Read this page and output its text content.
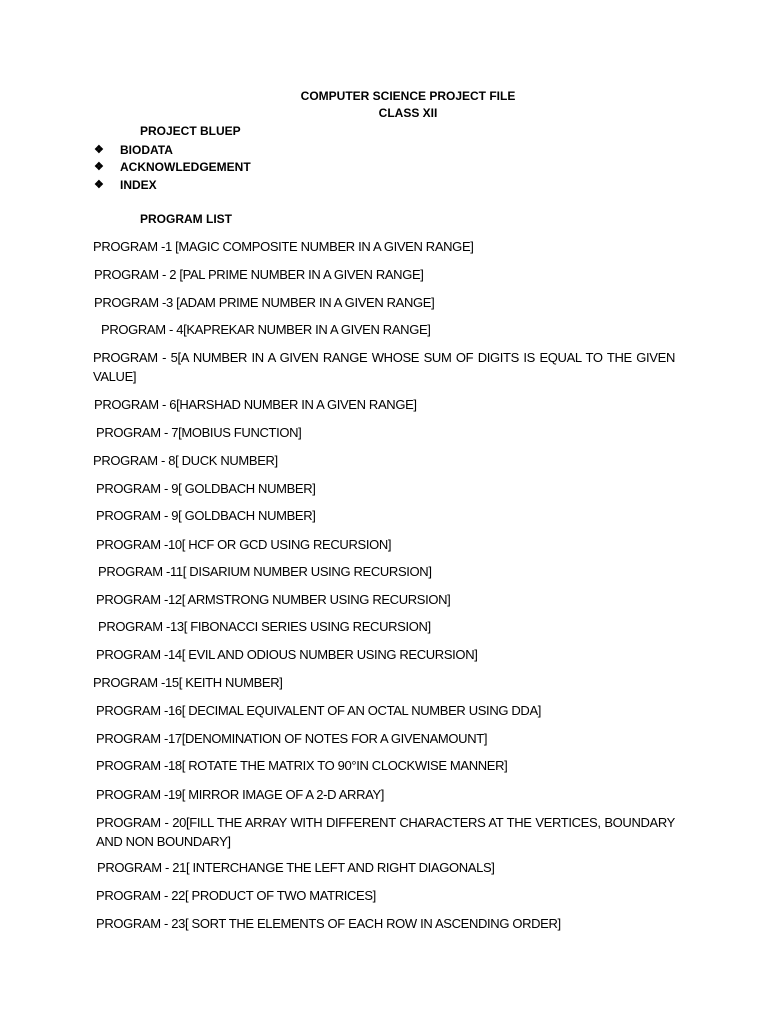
COMPUTER SCIENCE PROJECT FILE
CLASS XII
PROJECT BLUEP
❖	BIODATA
❖	ACKNOWLEDGEMENT
❖	INDEX
PROGRAM LIST
PROGRAM -1 [MAGIC COMPOSITE NUMBER IN A GIVEN RANGE]
PROGRAM - 2 [PAL PRIME NUMBER IN A GIVEN RANGE]
PROGRAM -3 [ADAM PRIME NUMBER IN A GIVEN RANGE]
PROGRAM - 4[KAPREKAR NUMBER IN A GIVEN RANGE]
PROGRAM - 5[A NUMBER IN A GIVEN RANGE WHOSE SUM OF DIGITS IS EQUAL TO THE GIVEN VALUE]
PROGRAM - 6[HARSHAD NUMBER IN A GIVEN RANGE]
PROGRAM - 7[MOBIUS FUNCTION]
PROGRAM - 8[ DUCK NUMBER]
PROGRAM - 9[ GOLDBACH NUMBER]
PROGRAM - 9[ GOLDBACH NUMBER]
PROGRAM -10[ HCF OR GCD USING RECURSION]
PROGRAM -11[ DISARIUM NUMBER USING RECURSION]
PROGRAM -12[ ARMSTRONG NUMBER USING RECURSION]
PROGRAM -13[ FIBONACCI SERIES USING RECURSION]
PROGRAM -14[ EVIL AND ODIOUS NUMBER USING RECURSION]
PROGRAM -15[ KEITH NUMBER]
PROGRAM -16[ DECIMAL EQUIVALENT OF AN OCTAL NUMBER USING DDA]
PROGRAM -17[DENOMINATION OF NOTES FOR A GIVENAMOUNT]
PROGRAM -18[ ROTATE THE MATRIX TO 90°IN CLOCKWISE MANNER]
PROGRAM -19[ MIRROR IMAGE OF A 2-D ARRAY]
PROGRAM - 20[FILL THE ARRAY WITH DIFFERENT CHARACTERS AT THE VERTICES, BOUNDARY AND NON BOUNDARY]
PROGRAM - 21[ INTERCHANGE THE LEFT AND RIGHT DIAGONALS]
PROGRAM - 22[ PRODUCT OF TWO MATRICES]
PROGRAM - 23[ SORT THE ELEMENTS OF EACH ROW IN ASCENDING ORDER]
